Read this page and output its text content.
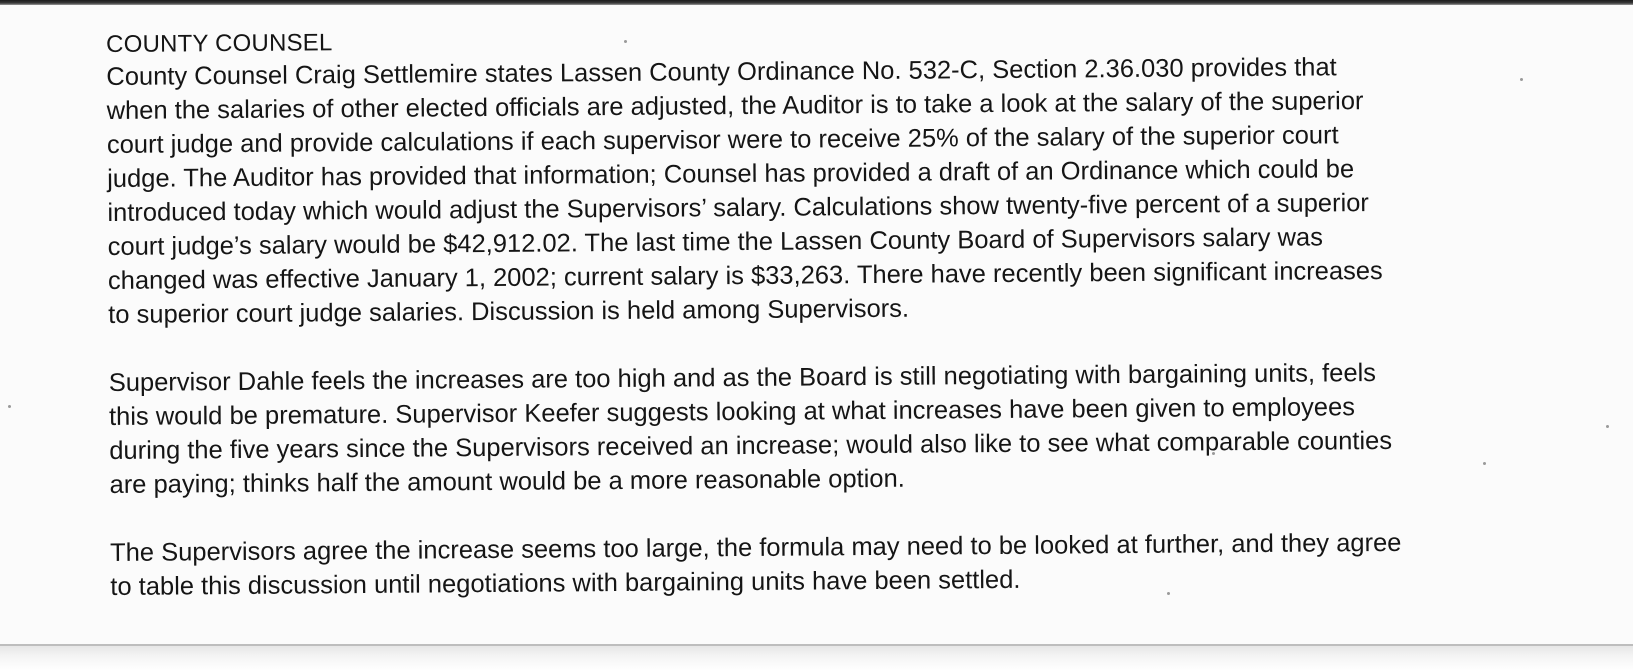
COUNTY COUNSEL

County Counsel Craig Settlemire states Lassen County Ordinance No. 532-C, Section 2.36.030 provides that

when the salaries of other elected officials are adjusted, the Auditor is to take a look at the salary of the superior

court judge and provide calculations if each supervisor were to receive 25% of the salary of the superior court

judge. The Auditor has provided that information; Counsel has provided a draft of an Ordinance which could be

introduced today which would adjust the Supervisors’ salary. Calculations show twenty-five percent of a superior

court judge’s salary would be $42,912.02. The last time the Lassen County Board of Supervisors salary was

changed was effective January 1, 2002; current salary is $33,263. There have recently been significant increases

to superior court judge salaries. Discussion is held among Supervisors.

Supervisor Dahle feels the increases are too high and as the Board is still negotiating with bargaining units, feels

this would be premature. Supervisor Keefer suggests looking at what increases have been given to employees

during the five years since the Supervisors received an increase; would also like to see what comparable counties

are paying; thinks half the amount would be a more reasonable option.

The Supervisors agree the increase seems too large, the formula may need to be looked at further, and they agree

to table this discussion until negotiations with bargaining units have been settled.
